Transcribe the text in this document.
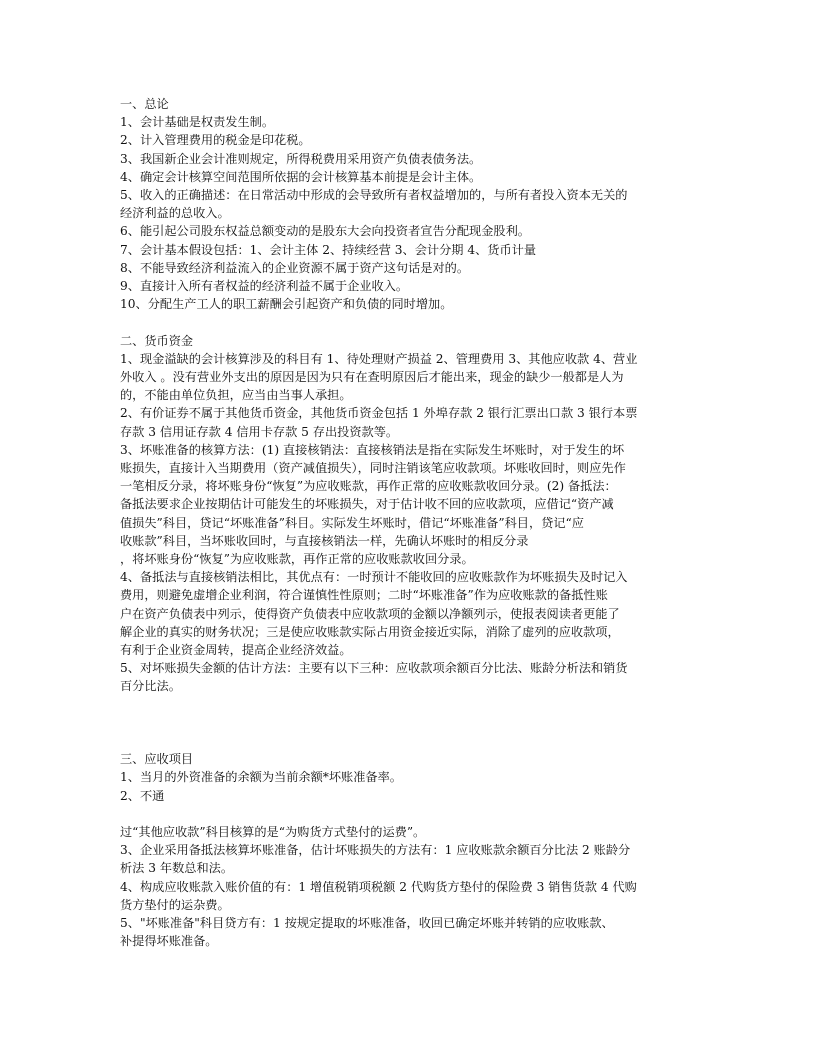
一、总论
1、会计基础是权责发生制。
2、计入管理费用的税金是印花税。
3、我国新企业会计准则规定，所得税费用采用资产负债表债务法。
4、确定会计核算空间范围所依据的会计核算基本前提是会计主体。
5、收入的正确描述：在日常活动中形成的会导致所有者权益增加的，与所有者投入资本无关的
经济利益的总收入。
6、能引起公司股东权益总额变动的是股东大会向投资者宣告分配现金股利。
7、会计基本假设包括：1、会计主体 2、持续经营 3、会计分期 4、货币计量
8、不能导致经济利益流入的企业资源不属于资产这句话是对的。
9、直接计入所有者权益的经济利益不属于企业收入。
10、分配生产工人的职工薪酬会引起资产和负债的同时增加。
二、货币资金
1、现金溢缺的会计核算涉及的科目有 1、待处理财产损益 2、管理费用 3、其他应收款 4、营业
外收入 。没有营业外支出的原因是因为只有在查明原因后才能出来，现金的缺少一般都是人为
的，不能由单位负担，应当由当事人承担。
2、有价证券不属于其他货币资金，其他货币资金包括 1 外埠存款 2 银行汇票出口款 3 银行本票
存款 3 信用证存款 4 信用卡存款 5 存出投资款等。
3、坏账准备的核算方法：(1) 直接核销法：直接核销法是指在实际发生坏账时，对于发生的坏
账损失，直接计入当期费用（资产减值损失），同时注销该笔应收款项。坏账收回时，则应先作
一笔相反分录，将坏账身份“恢复”为应收账款，再作正常的应收账款收回分录。(2) 备抵法：
备抵法要求企业按期估计可能发生的坏账损失，对于估计收不回的应收款项，应借记“资产减
值损失”科目，贷记“坏账准备”科目。实际发生坏账时，借记“坏账准备”科目，贷记“应
收账款”科目，当坏账收回时，与直接核销法一样，先确认坏账时的相反分录
，将坏账身份“恢复”为应收账款，再作正常的应收账款收回分录。
4、备抵法与直接核销法相比，其优点有：一时预计不能收回的应收账款作为坏账损失及时记入
费用，则避免虚增企业利润，符合谨慎性性原则；二时“坏账准备”作为应收账款的备抵性账
户在资产负债表中列示，使得资产负债表中应收款项的金额以净额列示，使报表阅读者更能了
解企业的真实的财务状况；三是使应收账款实际占用资金接近实际，消除了虚列的应收款项，
有利于企业资金周转，提高企业经济效益。
5、对坏账损失金额的估计方法：主要有以下三种：应收款项余额百分比法、账龄分析法和销货
百分比法。
三、应收项目
1、当月的外资准备的余额为当前余额*坏账准备率。
2、不通
过“其他应收款”科目核算的是“为购货方式垫付的运费”。
3、企业采用备抵法核算坏账准备，估计坏账损失的方法有：1 应收账款余额百分比法 2 账龄分
析法 3 年数总和法。
4、构成应收账款入账价值的有：1 增值税销项税额 2 代购货方垫付的保险费 3 销售货款 4 代购
货方垫付的运杂费。
5、"坏账准备"科目贷方有：1 按规定提取的坏账准备，收回已确定坏账并转销的应收账款、
补提得坏账准备。
